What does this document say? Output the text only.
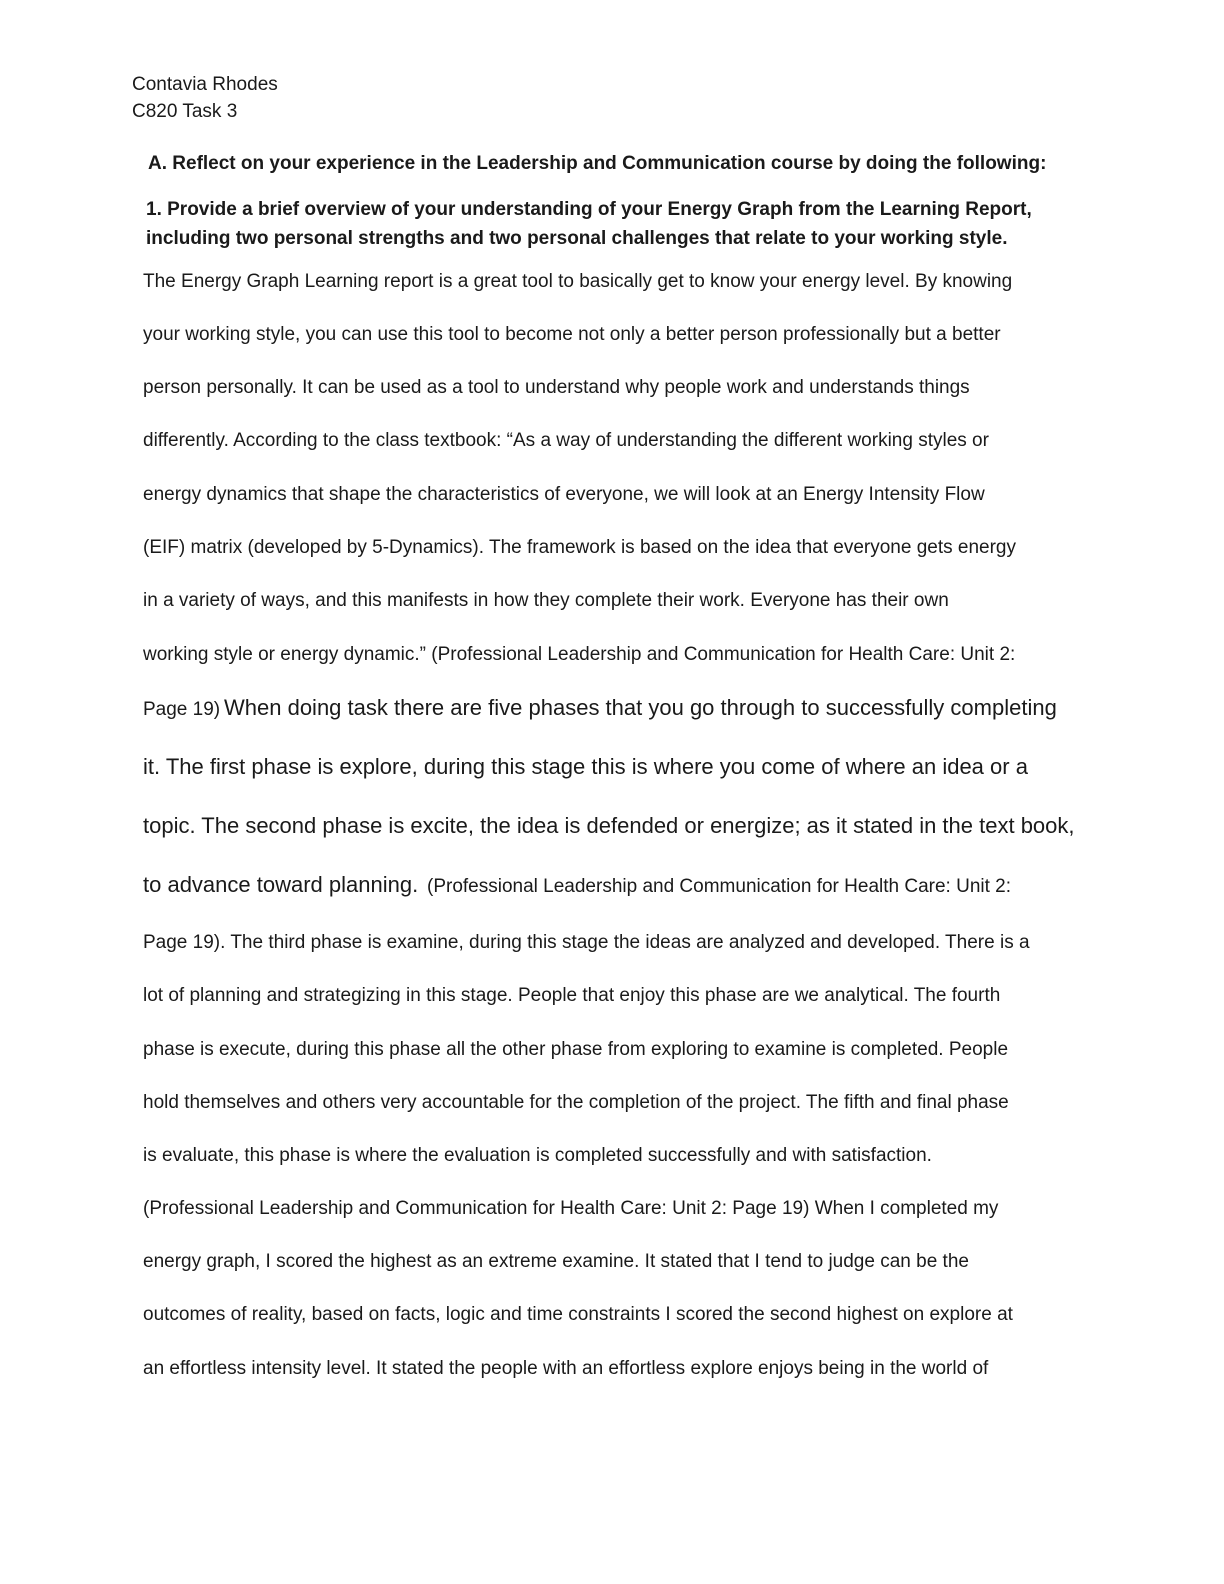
Contavia Rhodes
C820 Task 3
A. Reflect on your experience in the Leadership and Communication course by doing the following:
1. Provide a brief overview of your understanding of your Energy Graph from the Learning Report,
including two personal strengths and two personal challenges that relate to your working style.
The Energy Graph Learning report is a great tool to basically get to know your energy level. By knowing
your working style, you can use this tool to become not only a better person professionally but a better
person personally. It can be used as a tool to understand why people work and understands things
differently. According to the class textbook: “As a way of understanding the different working styles or
energy dynamics that shape the characteristics of everyone, we will look at an Energy Intensity Flow
(EIF) matrix (developed by 5-Dynamics). The framework is based on the idea that everyone gets energy
in a variety of ways, and this manifests in how they complete their work. Everyone has their own
working style or energy dynamic.” (Professional Leadership and Communication for Health Care: Unit 2:
Page 19) When doing task there are five phases that you go through to successfully completing
it. The first phase is explore, during this stage this is where you come of where an idea or a
topic. The second phase is excite, the idea is defended or energize; as it stated in the text book,
to advance toward planning. (Professional Leadership and Communication for Health Care: Unit 2:
Page 19). The third phase is examine, during this stage the ideas are analyzed and developed. There is a
lot of planning and strategizing in this stage. People that enjoy this phase are we analytical. The fourth
phase is execute, during this phase all the other phase from exploring to examine is completed. People
hold themselves and others very accountable for the completion of the project. The fifth and final phase
is evaluate, this phase is where the evaluation is completed successfully and with satisfaction.
(Professional Leadership and Communication for Health Care: Unit 2: Page 19) When I completed my
energy graph, I scored the highest as an extreme examine. It stated that I tend to judge can be the
outcomes of reality, based on facts, logic and time constraints I scored the second highest on explore at
an effortless intensity level. It stated the people with an effortless explore enjoys being in the world of
